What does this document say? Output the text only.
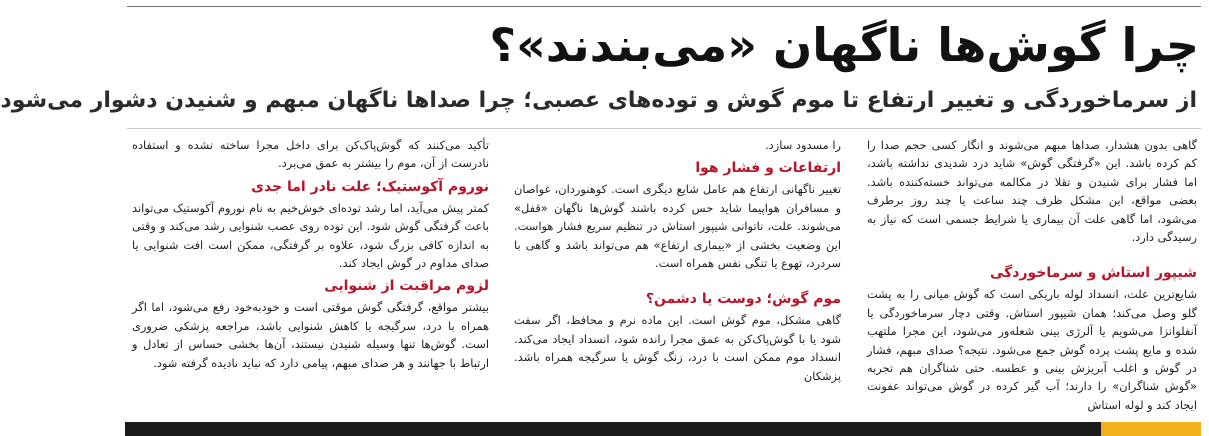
چرا گوش‌ها ناگهان «می‌بندند»؟
از سرماخوردگی و تغییر ارتفاع تا موم گوش و توده‌های عصبی؛ چرا صداها ناگهان مبهم و شنیدن دشوار می‌شود

گاهی بدون هشدار، صداها مبهم می‌شوند و انگار کسی حجم صدا را کم کرده باشد. این «گرفتگی گوش» شاید درد شدیدی نداشته باشد، اما فشار برای شنیدن و تقلا در مکالمه می‌تواند خسته‌کننده باشد. بعضی مواقع، این مشکل ظرف چند ساعت یا چند روز برطرف می‌شود، اما گاهی علت آن بیماری یا شرایط جسمی است که نیاز به رسیدگی دارد.

شیپور استاش و سرماخوردگی

شایع‌ترین علت، انسداد لوله باریکی است که گوش میانی را به پشت گلو وصل می‌کند؛ همان شیپور استاش. وقتی دچار سرماخوردگی یا آنفلوانزا می‌شویم یا آلرژی بینی شعله‌ور می‌شود، این مجرا ملتهب شده و مایع پشت پرده گوش جمع می‌شود. نتیجه؟ صدای مبهم، فشار در گوش و اغلب آبریزش بینی و عطسه. حتی شناگران هم تجربه «گوش شناگران» را دارند؛ آب گیر کرده در گوش می‌تواند عفونت ایجاد کند و لوله استاش

را مسدود سازد.

ارتفاعات و فشار هوا

تغییر ناگهانی ارتفاع هم عامل شایع دیگری است. کوهنوردان، غواصان و مسافران هواپیما شاید حس کرده باشند گوش‌ها ناگهان «قفل» می‌شوند. علت، ناتوانی شیپور استاش در تنظیم سریع فشار هواست. این وضعیت بخشی از «بیماری ارتفاع» هم می‌تواند باشد و گاهی با سردرد، تهوع یا تنگی نفس همراه است.

موم گوش؛ دوست یا دشمن؟

گاهی مشکل، موم گوش است. این ماده نرم و محافظ، اگر سفت شود یا با گوش‌پاک‌کن به عمق مجرا رانده شود، انسداد ایجاد می‌کند. انسداد موم ممکن است با درد، زنگ گوش یا سرگیجه همراه باشد. پزشکان

تأکید می‌کنند که گوش‌پاک‌کن برای داخل مجرا ساخته نشده و استفاده نادرست از آن، موم را بیشتر به عمق می‌برد.

نوروم آکوستیک؛ علت نادر اما جدی

کمتر پیش می‌آید، اما رشد توده‌ای خوش‌خیم به نام نوروم آکوستیک می‌تواند باعث گرفتگی گوش شود. این توده روی عصب شنوایی رشد می‌کند و وقتی به اندازه کافی بزرگ شود، علاوه بر گرفتگی، ممکن است افت شنوایی یا صدای مداوم در گوش ایجاد کند.

لزوم مراقبت از شنوایی

بیشتر مواقع، گرفتگی گوش موقتی است و خودبه‌خود رفع می‌شود، اما اگر همراه با درد، سرگیجه یا کاهش شنوایی باشد، مراجعه پزشکی ضروری است. گوش‌ها تنها وسیله شنیدن نیستند، آن‌ها بخشی حساس از تعادل و ارتباط با جهانند و هر صدای مبهم، پیامی دارد که نباید نادیده گرفته شود.
